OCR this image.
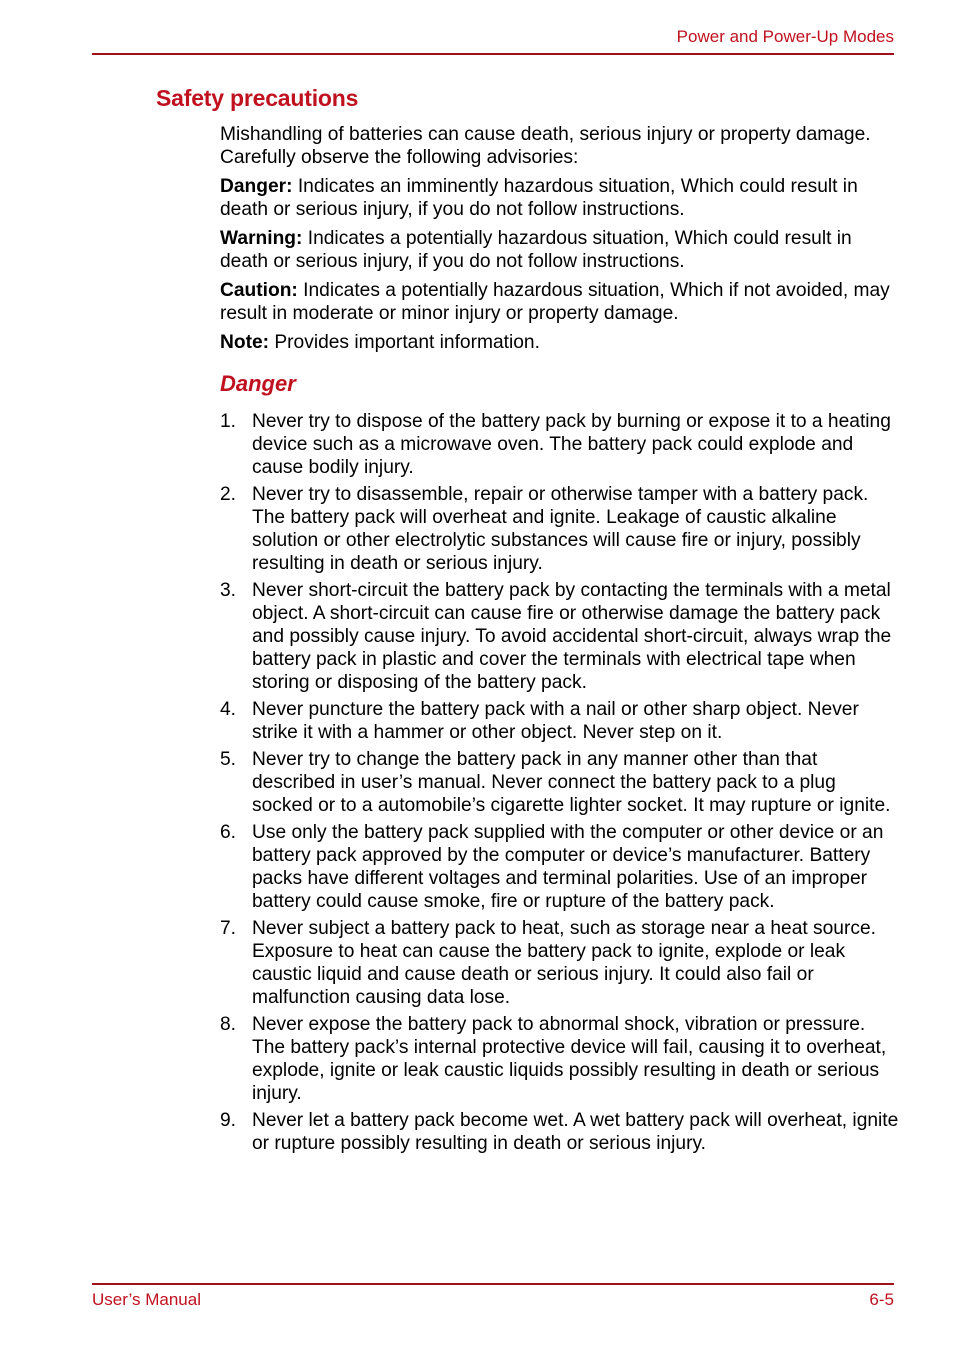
Power and Power-Up Modes
Safety precautions

Mishandling of batteries can cause death, serious injury or property damage. Carefully observe the following advisories:

Danger: Indicates an imminently hazardous situation, Which could result in death or serious injury, if you do not follow instructions.

Warning: Indicates a potentially hazardous situation, Which could result in death or serious injury, if you do not follow instructions.

Caution: Indicates a potentially hazardous situation, Which if not avoided, may result in moderate or minor injury or property damage.

Note: Provides important information.

Danger
1. Never try to dispose of the battery pack by burning or expose it to a heating device such as a microwave oven. The battery pack could explode and cause bodily injury.
2. Never try to disassemble, repair or otherwise tamper with a battery pack. The battery pack will overheat and ignite. Leakage of caustic alkaline solution or other electrolytic substances will cause fire or injury, possibly resulting in death or serious injury.
3. Never short-circuit the battery pack by contacting the terminals with a metal object. A short-circuit can cause fire or otherwise damage the battery pack and possibly cause injury. To avoid accidental short-circuit, always wrap the battery pack in plastic and cover the terminals with electrical tape when storing or disposing of the battery pack.
4. Never puncture the battery pack with a nail or other sharp object. Never strike it with a hammer or other object. Never step on it.
5. Never try to change the battery pack in any manner other than that described in user’s manual. Never connect the battery pack to a plug socked or to a automobile’s cigarette lighter socket. It may rupture or ignite.
6. Use only the battery pack supplied with the computer or other device or an battery pack approved by the computer or device’s manufacturer. Battery packs have different voltages and terminal polarities. Use of an improper battery could cause smoke, fire or rupture of the battery pack.
7. Never subject a battery pack to heat, such as storage near a heat source. Exposure to heat can cause the battery pack to ignite, explode or leak caustic liquid and cause death or serious injury. It could also fail or malfunction causing data lose.
8. Never expose the battery pack to abnormal shock, vibration or pressure. The battery pack’s internal protective device will fail, causing it to overheat, explode, ignite or leak caustic liquids possibly resulting in death or serious injury.
9. Never let a battery pack become wet. A wet battery pack will overheat, ignite or rupture possibly resulting in death or serious injury.
User’s Manual	6-5
